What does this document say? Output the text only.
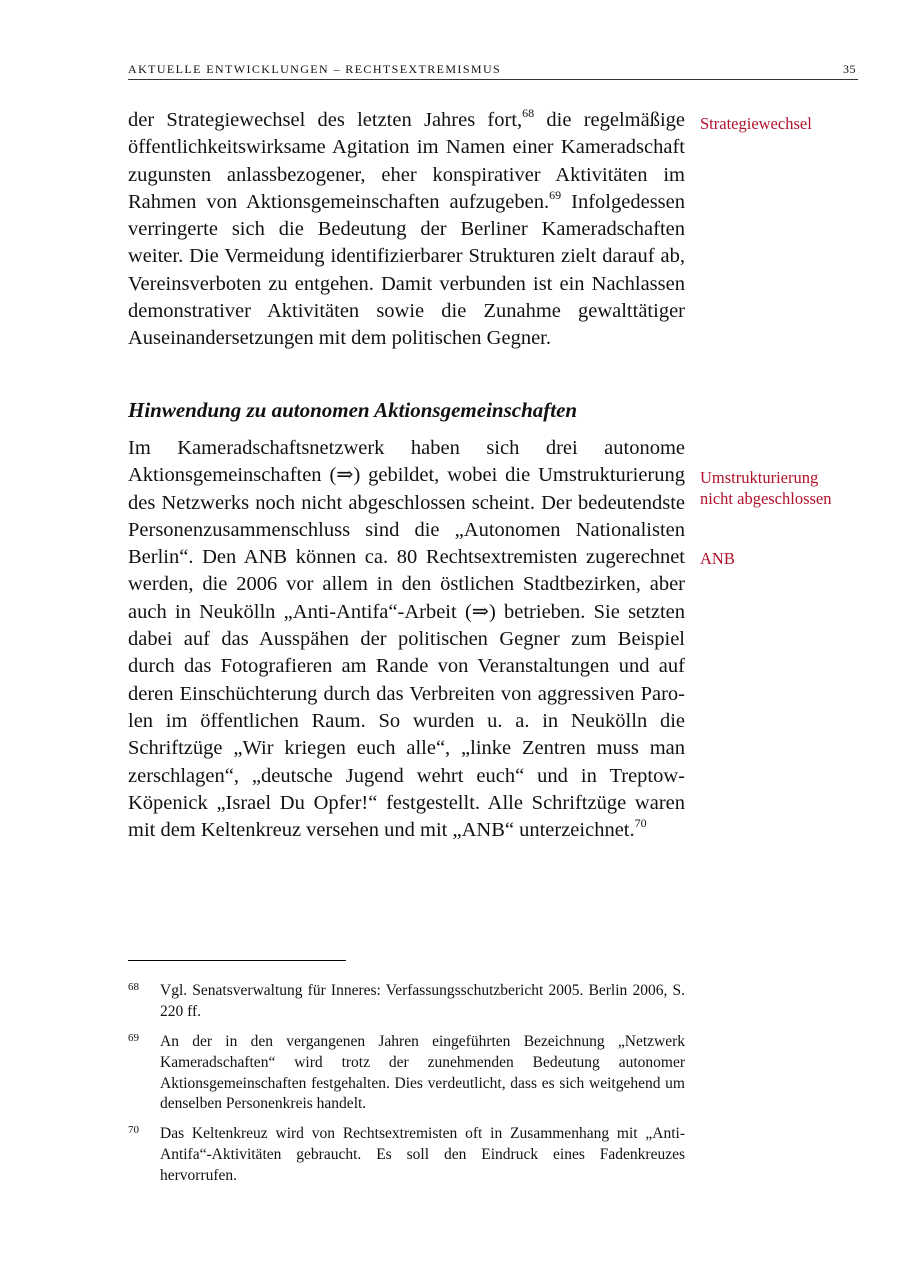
AKTUELLE ENTWICKLUNGEN – RECHTSEXTREMISMUS	35

der Strategiewechsel des letzten Jahres fort,$^{68}$ die regelmäßige öffentlichkeitswirksame Agitation im Namen einer Kameradschaft zugunsten anlassbezogener, eher konspirativer Aktivitäten im Rahmen von Aktionsgemeinschaften aufzugeben.$^{69}$ Infolgedessen verringerte sich die Bedeutung der Berliner Kameradschaften weiter. Die Vermeidung identifizierbarer Strukturen zielt darauf ab, Vereinsverboten zu entgehen. Damit verbunden ist ein Nachlassen demonstrativer Aktivitäten sowie die Zunahme gewalttätiger Auseinandersetzungen mit dem politischen Gegner.

Hinwendung zu autonomen Aktionsgemeinschaften

Im Kameradschaftsnetzwerk haben sich drei autonome Aktionsgemeinschaften (⇒) gebildet, wobei die Umstrukturierung des Netzwerks noch nicht abgeschlossen scheint. Der bedeutendste Personenzusammenschluss sind die „Autonomen Nationalisten Berlin“. Den ANB können ca. 80 Rechtsextremisten zugerechnet werden, die 2006 vor allem in den östlichen Stadtbezirken, aber auch in Neukölln „Anti-Antifa“-Arbeit (⇒) betrieben. Sie setzten dabei auf das Ausspähen der politischen Gegner zum Beispiel durch das Fotografieren am Rande von Veranstaltungen und auf deren Einschüchterung durch das Verbreiten von aggressiven Parolen im öffentlichen Raum. So wurden u. a. in Neukölln die Schriftzüge „Wir kriegen euch alle“, „linke Zentren muss man zerschlagen“, „deutsche Jugend wehrt euch“ und in Treptow-Köpenick „Israel Du Opfer!“ festgestellt. Alle Schriftzüge waren mit dem Keltenkreuz versehen und mit „ANB“ unterzeichnet.$^{70}$

Strategiewechsel
Umstrukturierung
nicht abgeschlossen
ANB
68 Vgl. Senatsverwaltung für Inneres: Verfassungsschutzbericht 2005. Berlin 2006, S. 220 ff.
69 An der in den vergangenen Jahren eingeführten Bezeichnung „Netzwerk Kameradschaften“ wird trotz der zunehmenden Bedeutung autonomer Aktionsgemeinschaften festgehalten. Dies verdeutlicht, dass es sich weitgehend um denselben Personenkreis handelt.
70 Das Keltenkreuz wird von Rechtsextremisten oft in Zusammenhang mit „Anti-Antifa“-Aktivitäten gebraucht. Es soll den Eindruck eines Fadenkreuzes hervorrufen.
